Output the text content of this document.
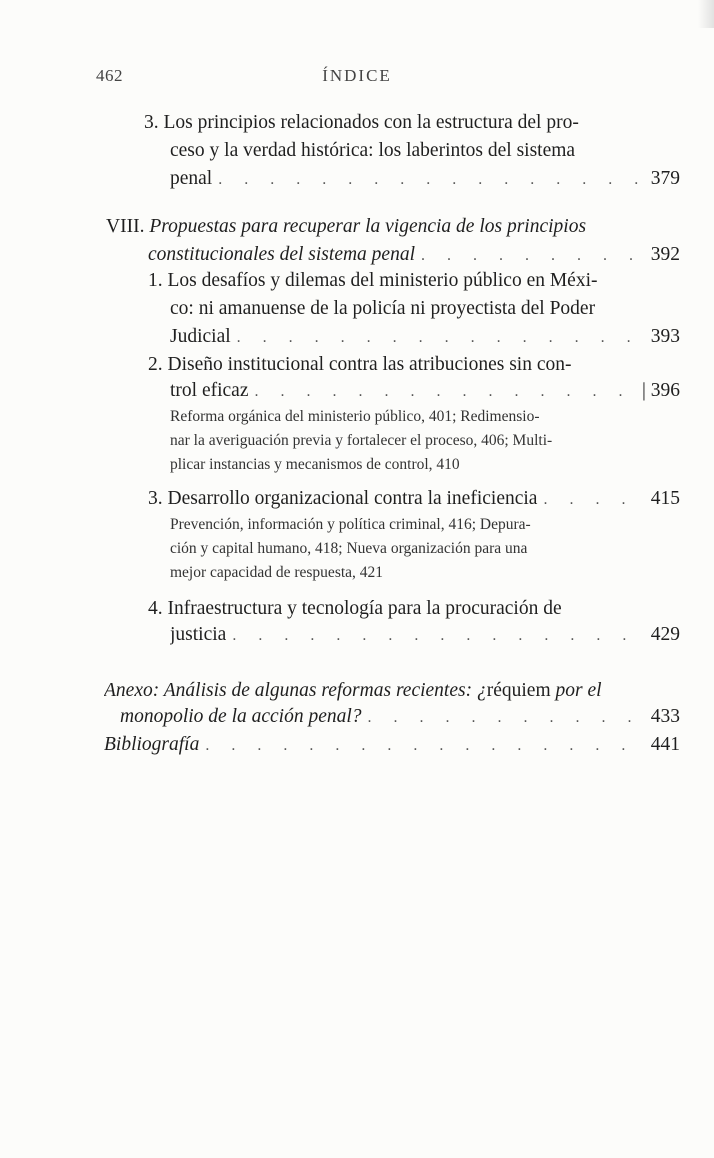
462	ÍNDICE
3. Los principios relacionados con la estructura del pro-
ceso y la verdad histórica: los laberintos del sistema
penal . . .	379
VIII. Propuestas para recuperar la vigencia de los principios
constitucionales del sistema penal . . .	392
1. Los desafíos y dilemas del ministerio público en Méxi-
co: ni amanuense de la policía ni proyectista del Poder
Judicial . . .	393
2. Diseño institucional contra las atribuciones sin con-
trol eficaz . . .	| 396
Reforma orgánica del ministerio público, 401; Redimensio-
nar la averiguación previa y fortalecer el proceso, 406; Multi-
plicar instancias y mecanismos de control, 410
3. Desarrollo organizacional contra la ineficiencia . . .	415
Prevención, información y política criminal, 416; Depura-
ción y capital humano, 418; Nueva organización para una
mejor capacidad de respuesta, 421
4. Infraestructura y tecnología para la procuración de
justicia . . .	429
Anexo: Análisis de algunas reformas recientes: ¿réquiem por el
monopolio de la acción penal? . . .	433
Bibliografía . . .	441
